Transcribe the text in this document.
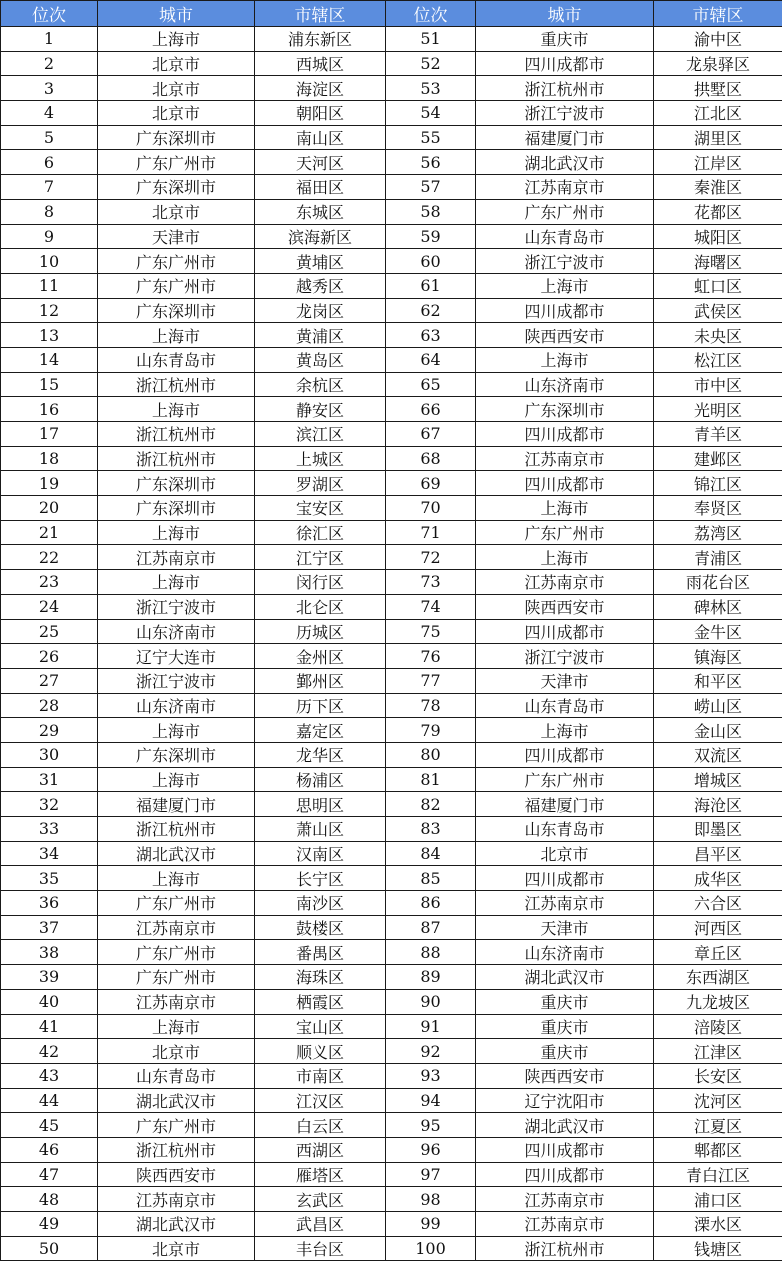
位次	城市	市辖区	位次	城市	市辖区
1	上海市	浦东新区	51	重庆市	渝中区
2	北京市	西城区	52	四川成都市	龙泉驿区
3	北京市	海淀区	53	浙江杭州市	拱墅区
4	北京市	朝阳区	54	浙江宁波市	江北区
5	广东深圳市	南山区	55	福建厦门市	湖里区
6	广东广州市	天河区	56	湖北武汉市	江岸区
7	广东深圳市	福田区	57	江苏南京市	秦淮区
8	北京市	东城区	58	广东广州市	花都区
9	天津市	滨海新区	59	山东青岛市	城阳区
10	广东广州市	黄埔区	60	浙江宁波市	海曙区
11	广东广州市	越秀区	61	上海市	虹口区
12	广东深圳市	龙岗区	62	四川成都市	武侯区
13	上海市	黄浦区	63	陕西西安市	未央区
14	山东青岛市	黄岛区	64	上海市	松江区
15	浙江杭州市	余杭区	65	山东济南市	市中区
16	上海市	静安区	66	广东深圳市	光明区
17	浙江杭州市	滨江区	67	四川成都市	青羊区
18	浙江杭州市	上城区	68	江苏南京市	建邺区
19	广东深圳市	罗湖区	69	四川成都市	锦江区
20	广东深圳市	宝安区	70	上海市	奉贤区
21	上海市	徐汇区	71	广东广州市	荔湾区
22	江苏南京市	江宁区	72	上海市	青浦区
23	上海市	闵行区	73	江苏南京市	雨花台区
24	浙江宁波市	北仑区	74	陕西西安市	碑林区
25	山东济南市	历城区	75	四川成都市	金牛区
26	辽宁大连市	金州区	76	浙江宁波市	镇海区
27	浙江宁波市	鄞州区	77	天津市	和平区
28	山东济南市	历下区	78	山东青岛市	崂山区
29	上海市	嘉定区	79	上海市	金山区
30	广东深圳市	龙华区	80	四川成都市	双流区
31	上海市	杨浦区	81	广东广州市	增城区
32	福建厦门市	思明区	82	福建厦门市	海沧区
33	浙江杭州市	萧山区	83	山东青岛市	即墨区
34	湖北武汉市	汉南区	84	北京市	昌平区
35	上海市	长宁区	85	四川成都市	成华区
36	广东广州市	南沙区	86	江苏南京市	六合区
37	江苏南京市	鼓楼区	87	天津市	河西区
38	广东广州市	番禺区	88	山东济南市	章丘区
39	广东广州市	海珠区	89	湖北武汉市	东西湖区
40	江苏南京市	栖霞区	90	重庆市	九龙坡区
41	上海市	宝山区	91	重庆市	涪陵区
42	北京市	顺义区	92	重庆市	江津区
43	山东青岛市	市南区	93	陕西西安市	长安区
44	湖北武汉市	江汉区	94	辽宁沈阳市	沈河区
45	广东广州市	白云区	95	湖北武汉市	江夏区
46	浙江杭州市	西湖区	96	四川成都市	郫都区
47	陕西西安市	雁塔区	97	四川成都市	青白江区
48	江苏南京市	玄武区	98	江苏南京市	浦口区
49	湖北武汉市	武昌区	99	江苏南京市	溧水区
50	北京市	丰台区	100	浙江杭州市	钱塘区
